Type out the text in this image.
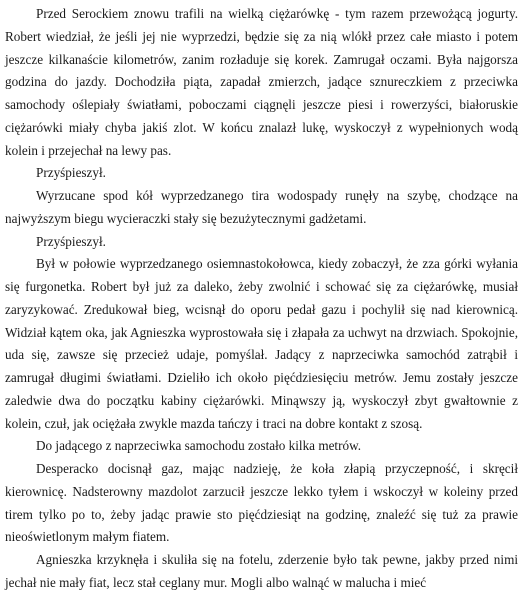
Przed Serockiem znowu trafili na wielką ciężarówkę - tym razem przewożącą jogurty. Robert wiedział, że jeśli jej nie wyprzedzi, będzie się za nią wlókł przez całe miasto i potem jeszcze kilkanaście kilometrów, zanim rozładuje się korek. Zamrugał oczami. Była najgorsza godzina do jazdy. Dochodziła piąta, zapadał zmierzch, jadące sznureczkiem z przeciwka samochody oślepiały światłami, poboczami ciągnęli jeszcze piesi i rowerzyści, białoruskie ciężarówki miały chyba jakiś zlot. W końcu znalazł lukę, wyskoczył z wypełnionych wodą kolein i przejechał na lewy pas.

Przyśpieszył.

Wyrzucane spod kół wyprzedzanego tira wodospady runęły na szybę, chodzące na najwyższym biegu wycieraczki stały się bezużytecznymi gadżetami.

Przyśpieszył.

Był w połowie wyprzedzanego osiemnastokołowca, kiedy zobaczył, że zza górki wyłania się furgonetka. Robert był już za daleko, żeby zwolnić i schować się za ciężarówkę, musiał zaryzykować. Zredukował bieg, wcisnął do oporu pedał gazu i pochylił się nad kierownicą. Widział kątem oka, jak Agnieszka wyprostowała się i złapała za uchwyt na drzwiach. Spokojnie, uda się, zawsze się przecież udaje, pomyślał. Jadący z naprzeciwka samochód zatrąbił i zamrugał długimi światłami. Dzieliło ich około pięćdziesięciu metrów. Jemu zostały jeszcze zaledwie dwa do początku kabiny ciężarówki. Minąwszy ją, wyskoczył zbyt gwałtownie z kolein, czuł, jak ociężała zwykle mazda tańczy i traci na dobre kontakt z szosą.

Do jadącego z naprzeciwka samochodu zostało kilka metrów.

Desperacko docisnął gaz, mając nadzieję, że koła złapią przyczepność, i skręcił kierownicę. Nadsterowny mazdolot zarzucił jeszcze lekko tyłem i wskoczył w koleiny przed tirem tylko po to, żeby jadąc prawie sto pięćdziesiąt na godzinę, znaleźć się tuż za prawie nieoświetlonym małym fiatem.

Agnieszka krzyknęła i skuliła się na fotelu, zderzenie było tak pewne, jakby przed nimi jechał nie mały fiat, lecz stał ceglany mur. Mogli albo walnąć w malucha i mieć
